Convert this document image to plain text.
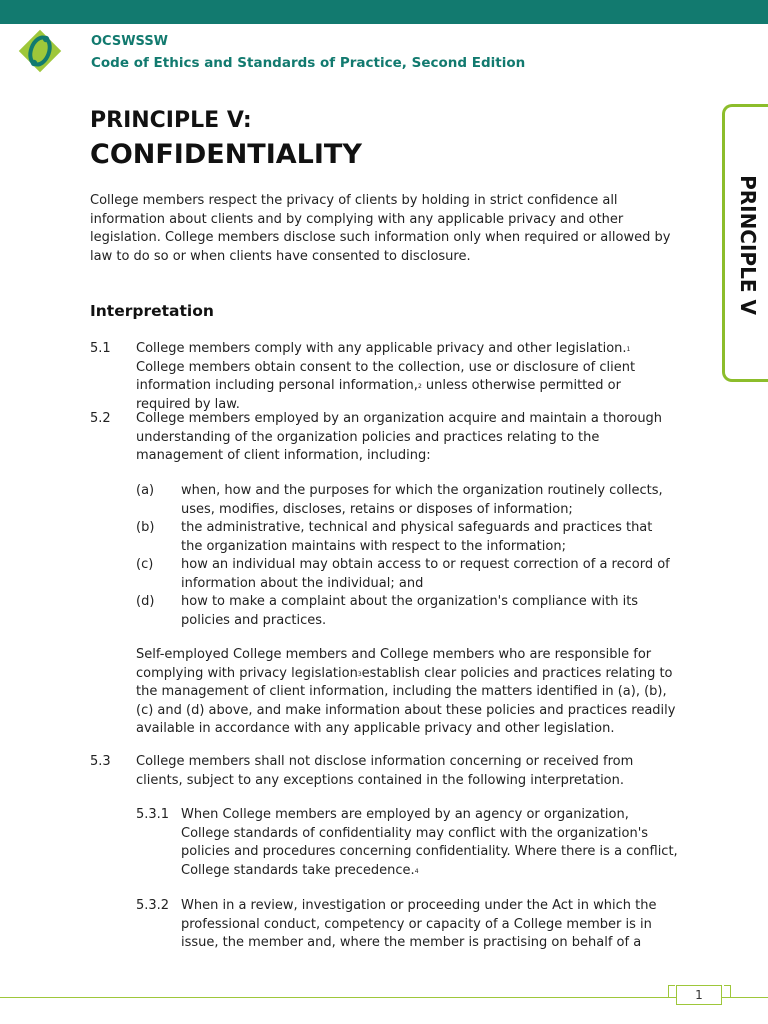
OCSWSSW
Code of Ethics and Standards of Practice, Second Edition
PRINCIPLE V:
CONFIDENTIALITY
PRINCIPLE V
College members respect the privacy of clients by holding in strict confidence all information about clients and by complying with any applicable privacy and other legislation. College members disclose such information only when required or allowed by law to do so or when clients have consented to disclosure.
Interpretation
5.1 College members comply with any applicable privacy and other legislation.$^1$ College members obtain consent to the collection, use or disclosure of client information including personal information,$^2$ unless otherwise permitted or required by law.
5.2 College members employed by an organization acquire and maintain a thorough understanding of the organization policies and practices relating to the management of client information, including:
(a) when, how and the purposes for which the organization routinely collects, uses, modifies, discloses, retains or disposes of information;
(b) the administrative, technical and physical safeguards and practices that the organization maintains with respect to the information;
(c) how an individual may obtain access to or request correction of a record of information about the individual; and
(d) how to make a complaint about the organization's compliance with its policies and practices.
Self-employed College members and College members who are responsible for complying with privacy legislation$^3$establish clear policies and practices relating to the management of client information, including the matters identified in (a), (b), (c) and (d) above, and make information about these policies and practices readily available in accordance with any applicable privacy and other legislation.
5.3 College members shall not disclose information concerning or received from clients, subject to any exceptions contained in the following interpretation.
5.3.1 When College members are employed by an agency or organization, College standards of confidentiality may conflict with the organization's policies and procedures concerning confidentiality. Where there is a conflict, College standards take precedence.$^4$
5.3.2 When in a review, investigation or proceeding under the Act in which the professional conduct, competency or capacity of a College member is in issue, the member and, where the member is practising on behalf of a
1
